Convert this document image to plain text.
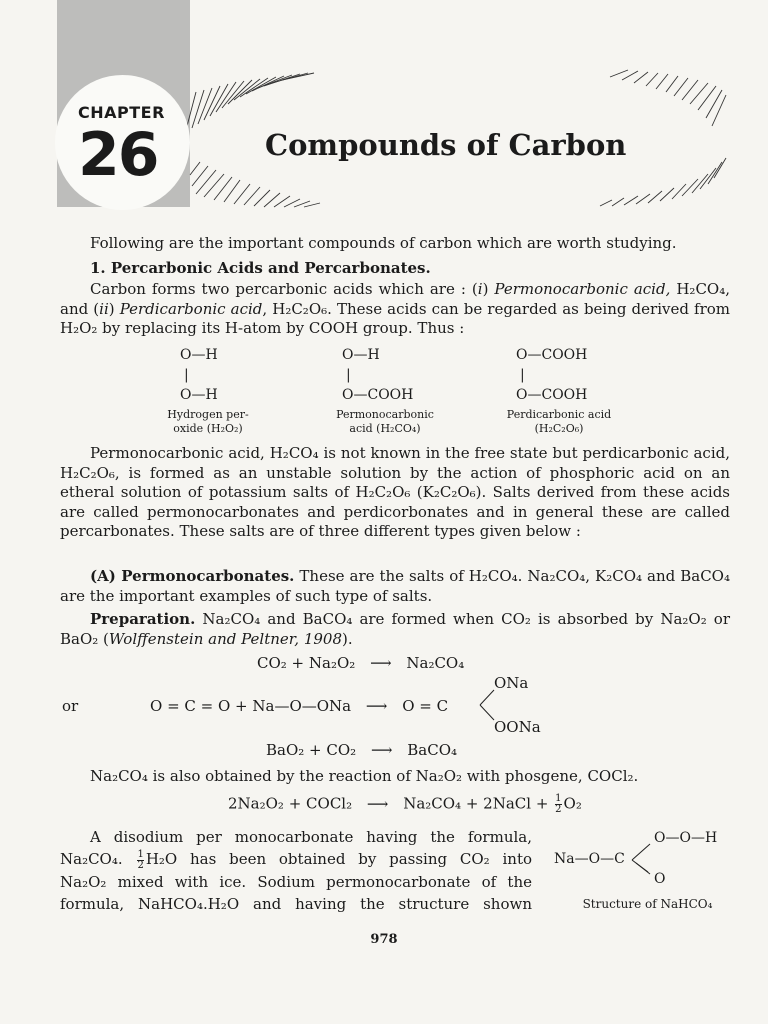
CHAPTER
26	Compounds of Carbon
Following are the important compounds of carbon which are worth studying.
1. Percarbonic Acids and Percarbonates.
Carbon forms two percarbonic acids which are : (i) Permonocarbonic acid, H₂CO₄, and (ii) Perdicarbonic acid, H₂C₂O₆. These acids can be regarded as being derived from H₂O₂ by replacing its H-atom by COOH group. Thus :
O—H
|
O—H
Hydrogen per-
oxide (H₂O₂)
O—H
|
O—COOH
Permonocarbonic
acid (H₂CO₄)
O—COOH
|
O—COOH
Perdicarbonic acid
(H₂C₂O₆)
Permonocarbonic acid, H₂CO₄ is not known in the free state but perdicarbonic acid, H₂C₂O₆, is formed as an unstable solution by the action of phosphoric acid on an etheral solution of potassium salts of H₂C₂O₆ (K₂C₂O₆). Salts derived from these acids are called permonocarbonates and perdicorbonates and in general these are called percarbonates. These salts are of three different types given below :
(A) Permonocarbonates. These are the salts of H₂CO₄. Na₂CO₄, K₂CO₄ and BaCO₄ are the important examples of such type of salts.
Preparation. Na₂CO₄ and BaCO₄ are formed when CO₂ is absorbed by Na₂O₂ or BaO₂ (Wolffenstein and Peltner, 1908).
CO₂ + Na₂O₂ ⟶ Na₂CO₄
or	O = C = O + Na—O—ONa ⟶ O = C
ONa
OONa
BaO₂ + CO₂ ⟶ BaCO₄
Na₂CO₄ is also obtained by the reaction of Na₂O₂ with phosgene, COCl₂.
2Na₂O₂ + COCl₂ ⟶ Na₂CO₄ + 2NaCl + $\frac{1}{2} O_2$
A disodium per monocarbonate having the formula,
Na₂CO₄. $\frac{1}{2} H_2O$ has been obtained by passing CO₂ into
Na₂O₂ mixed with ice. Sodium permonocarbonate of the
formula, NaHCO₄.H₂O and having the structure shown
Na—O—C
O—O—H
O
Structure of NaHCO₄
978
